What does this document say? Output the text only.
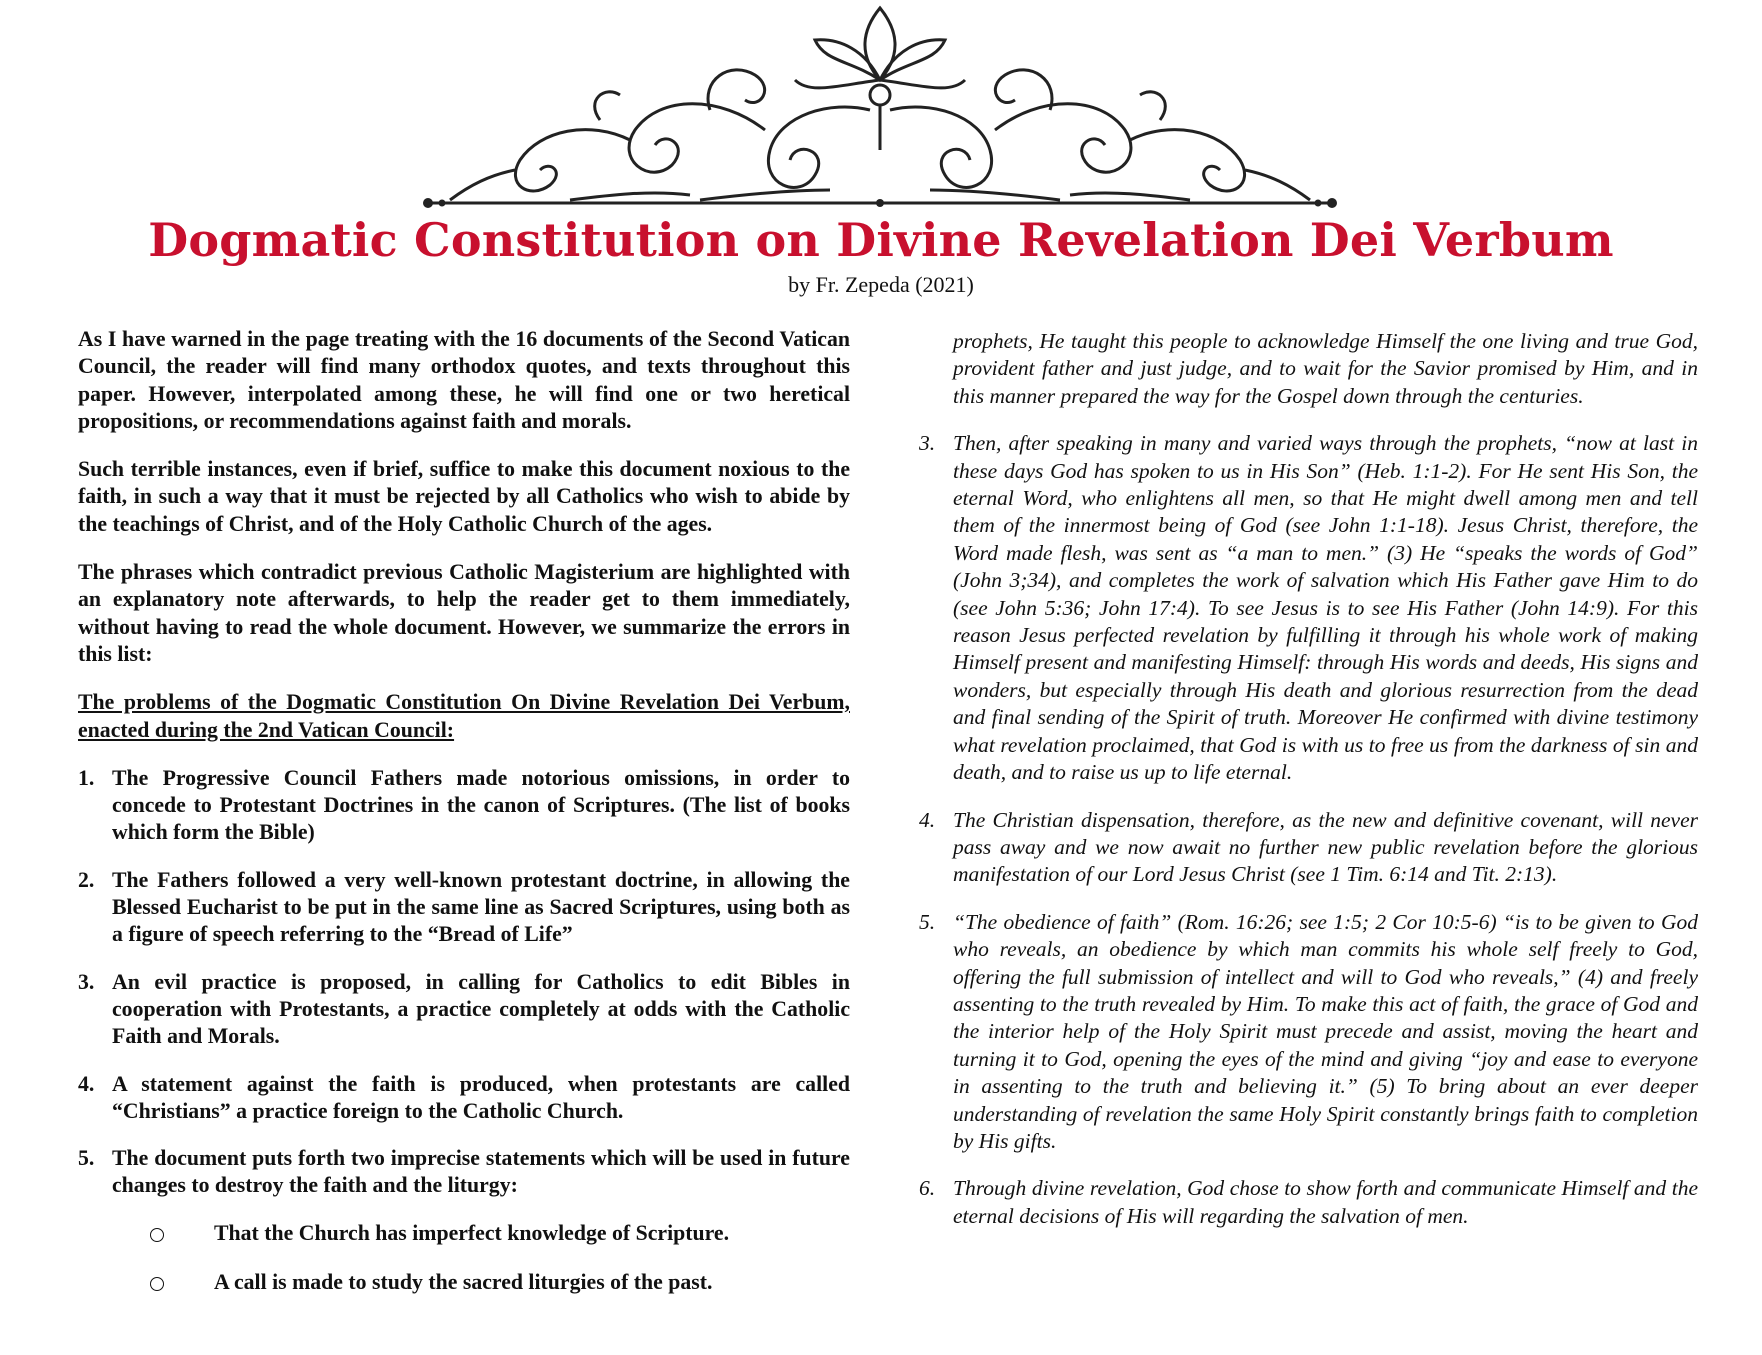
Dogmatic Constitution on Divine Revelation Dei Verbum
by Fr. Zepeda (2021)

As I have warned in the page treating with the 16 documents of the Second Vatican Council, the reader will find many orthodox quotes, and texts throughout this paper. However, interpolated among these, he will find one or two heretical propositions, or recommendations against faith and morals.

Such terrible instances, even if brief, suffice to make this document noxious to the faith, in such a way that it must be rejected by all Catholics who wish to abide by the teachings of Christ, and of the Holy Catholic Church of the ages.

The phrases which contradict previous Catholic Magisterium are highlighted with an explanatory note afterwards, to help the reader get to them immediately, without having to read the whole document. However, we summarize the errors in this list:

The problems of the Dogmatic Constitution On Divine Revelation Dei Verbum, enacted during the 2nd Vatican Council:

1. The Progressive Council Fathers made notorious omissions, in order to concede to Protestant Doctrines in the canon of Scriptures. (The list of books which form the Bible)
2. The Fathers followed a very well-known protestant doctrine, in allowing the Blessed Eucharist to be put in the same line as Sacred Scriptures, using both as a figure of speech referring to the “Bread of Life”
3. An evil practice is proposed, in calling for Catholics to edit Bibles in cooperation with Protestants, a practice completely at odds with the Catholic Faith and Morals.
4. A statement against the faith is produced, when protestants are called “Christians” a practice foreign to the Catholic Church.
5. The document puts forth two imprecise statements which will be used in future changes to destroy the faith and the liturgy:
That the Church has imperfect knowledge of Scripture.
A call is made to study the sacred liturgies of the past.

prophets, He taught this people to acknowledge Himself the one living and true God, provident father and just judge, and to wait for the Savior promised by Him, and in this manner prepared the way for the Gospel down through the centuries.

3. Then, after speaking in many and varied ways through the prophets, “now at last in these days God has spoken to us in His Son” (Heb. 1:1-2). For He sent His Son, the eternal Word, who enlightens all men, so that He might dwell among men and tell them of the innermost being of God (see John 1:1-18). Jesus Christ, therefore, the Word made flesh, was sent as “a man to men.” (3) He “speaks the words of God” (John 3;34), and completes the work of salvation which His Father gave Him to do (see John 5:36; John 17:4). To see Jesus is to see His Father (John 14:9). For this reason Jesus perfected revelation by fulfilling it through his whole work of making Himself present and manifesting Himself: through His words and deeds, His signs and wonders, but especially through His death and glorious resurrection from the dead and final sending of the Spirit of truth. Moreover He confirmed with divine testimony what revelation proclaimed, that God is with us to free us from the darkness of sin and death, and to raise us up to life eternal.
4. The Christian dispensation, therefore, as the new and definitive covenant, will never pass away and we now await no further new public revelation before the glorious manifestation of our Lord Jesus Christ (see 1 Tim. 6:14 and Tit. 2:13).
5. “The obedience of faith” (Rom. 16:26; see 1:5; 2 Cor 10:5-6) “is to be given to God who reveals, an obedience by which man commits his whole self freely to God, offering the full submission of intellect and will to God who reveals,” (4) and freely assenting to the truth revealed by Him. To make this act of faith, the grace of God and the interior help of the Holy Spirit must precede and assist, moving the heart and turning it to God, opening the eyes of the mind and giving “joy and ease to everyone in assenting to the truth and believing it.” (5) To bring about an ever deeper understanding of revelation the same Holy Spirit constantly brings faith to completion by His gifts.
6. Through divine revelation, God chose to show forth and communicate Himself and the eternal decisions of His will regarding the salvation of men.
